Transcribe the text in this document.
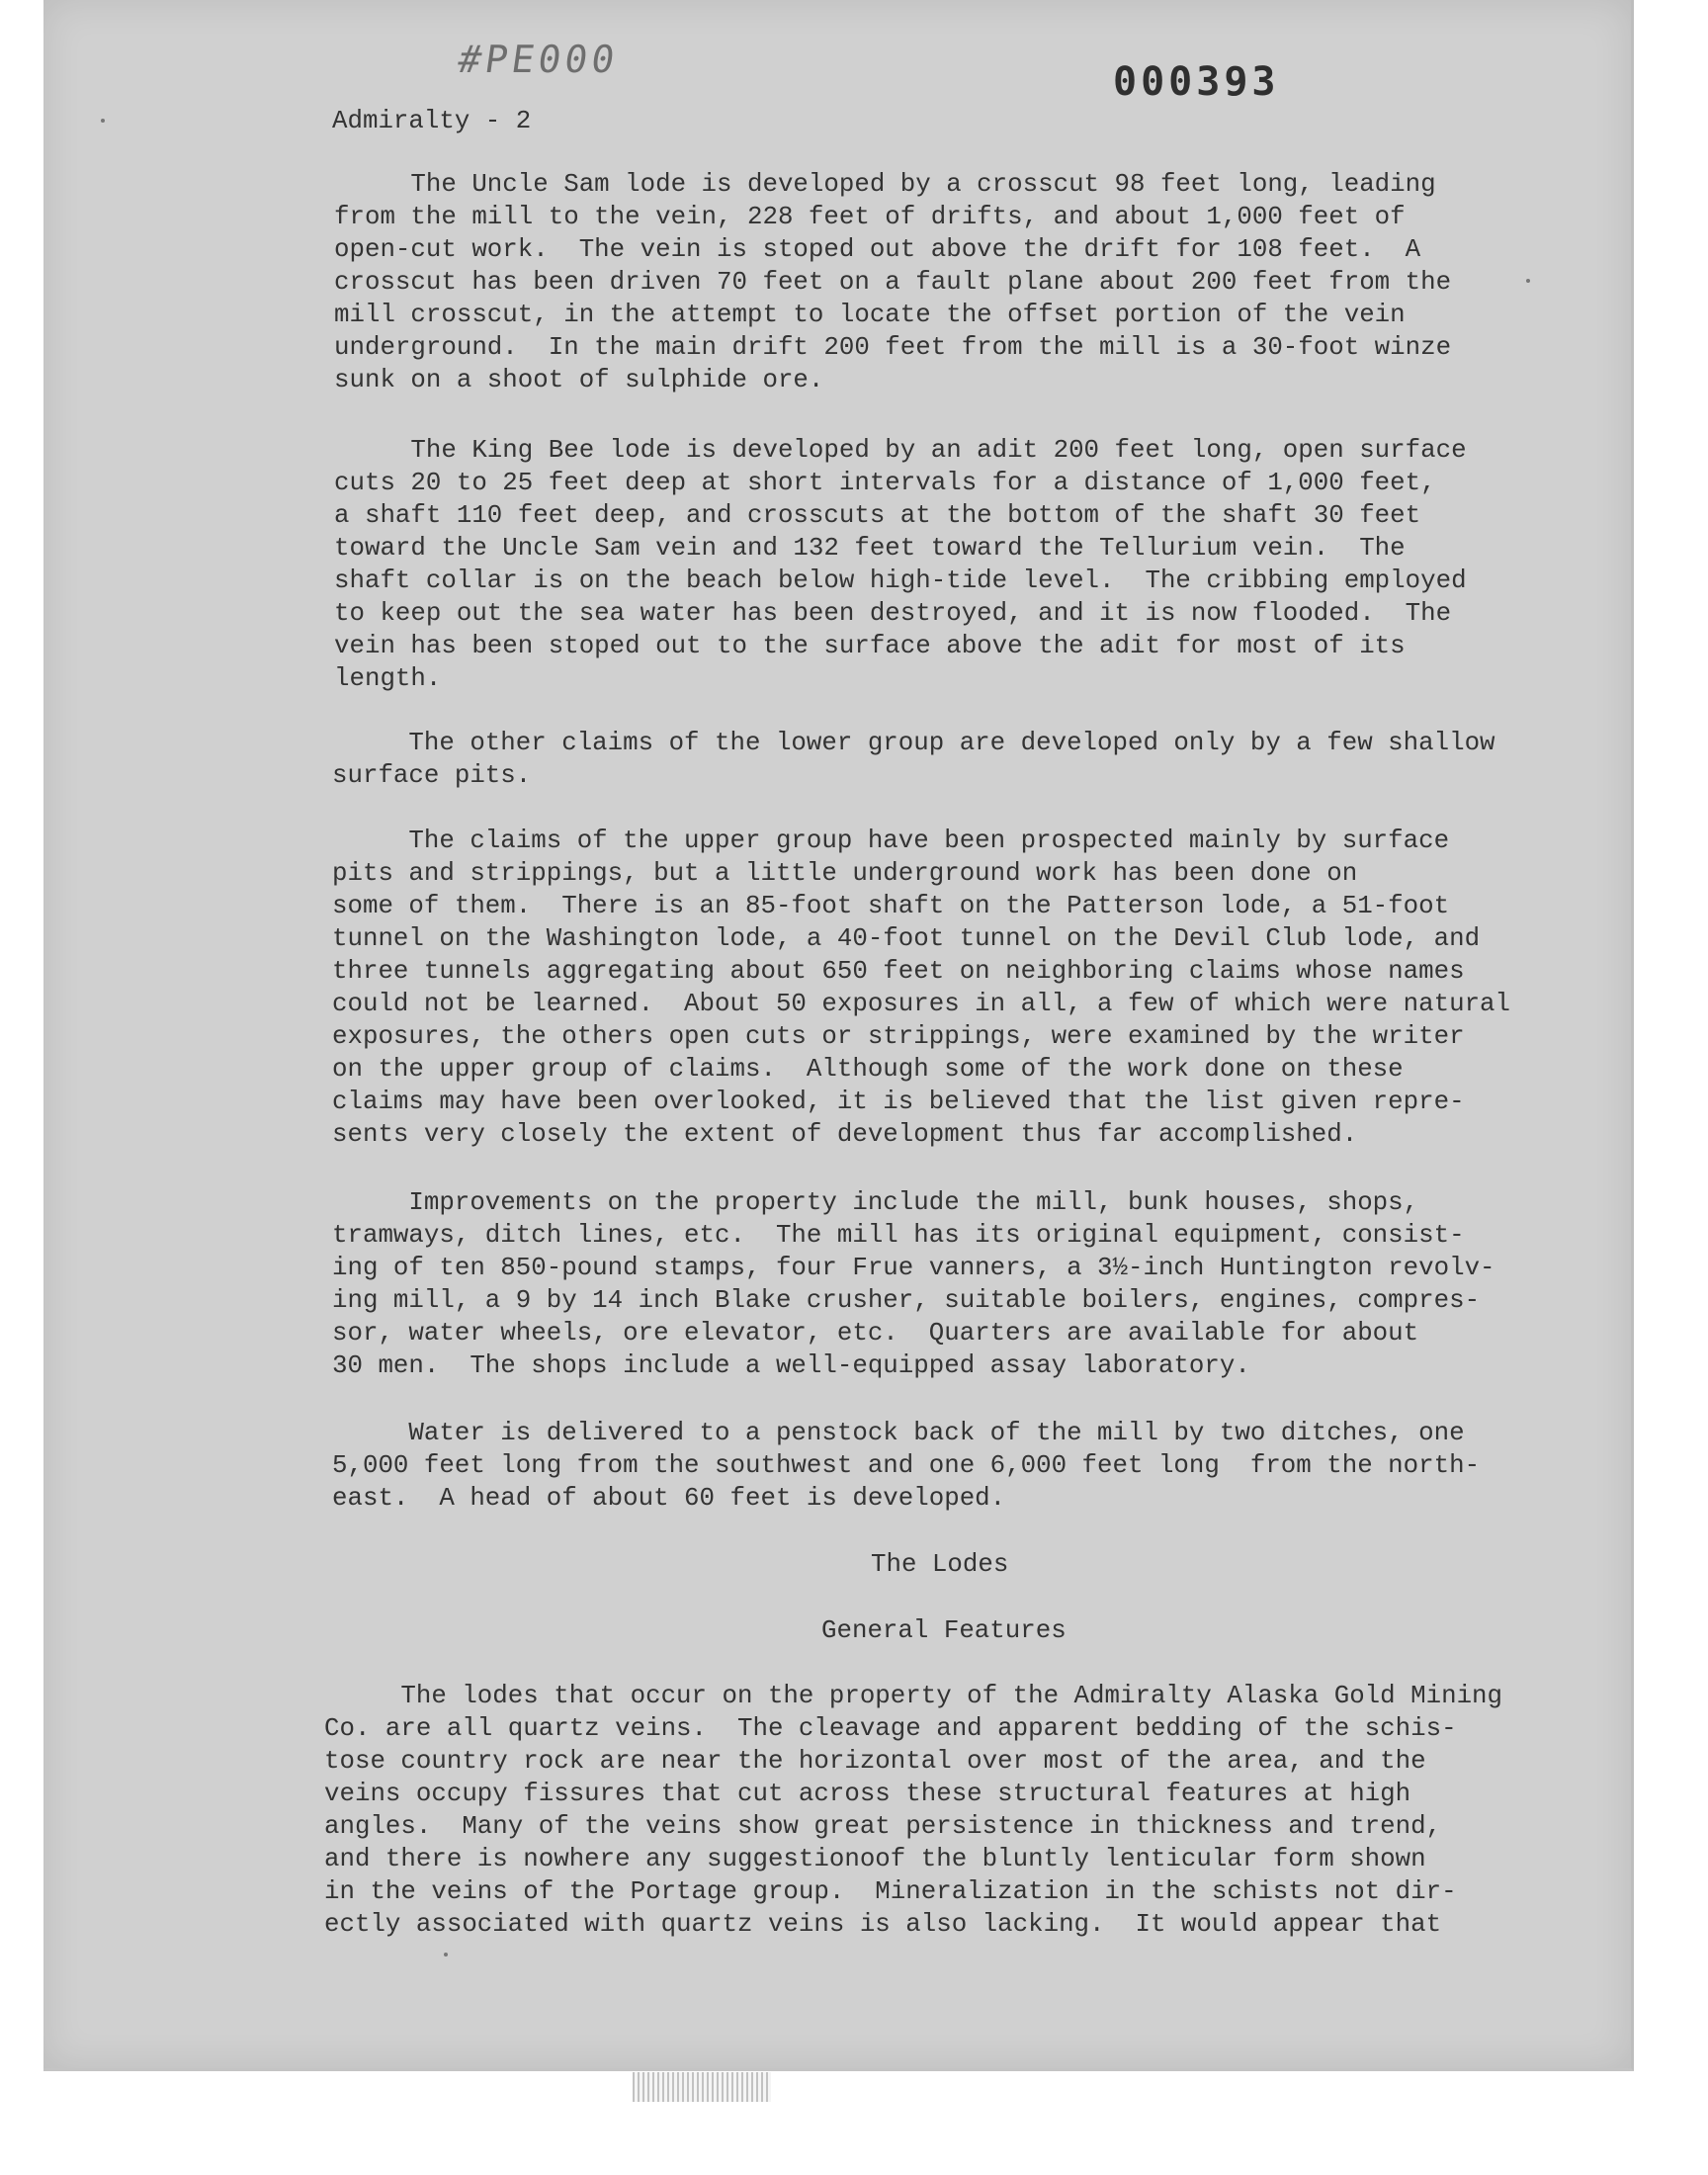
#PE000	000393

Admiralty - 2

The Uncle Sam lode is developed by a crosscut 98 feet long, leading
from the mill to the vein, 228 feet of drifts, and about 1,000 feet of
open-cut work.  The vein is stoped out above the drift for 108 feet.  A
crosscut has been driven 70 feet on a fault plane about 200 feet from the
mill crosscut, in the attempt to locate the offset portion of the vein
underground.  In the main drift 200 feet from the mill is a 30-foot winze
sunk on a shoot of sulphide ore.

The King Bee lode is developed by an adit 200 feet long, open surface
cuts 20 to 25 feet deep at short intervals for a distance of 1,000 feet,
a shaft 110 feet deep, and crosscuts at the bottom of the shaft 30 feet
toward the Uncle Sam vein and 132 feet toward the Tellurium vein.  The
shaft collar is on the beach below high-tide level.  The cribbing employed
to keep out the sea water has been destroyed, and it is now flooded.  The
vein has been stoped out to the surface above the adit for most of its
length.

The other claims of the lower group are developed only by a few shallow
surface pits.

The claims of the upper group have been prospected mainly by surface
pits and strippings, but a little underground work has been done on
some of them.  There is an 85-foot shaft on the Patterson lode, a 51-foot
tunnel on the Washington lode, a 40-foot tunnel on the Devil Club lode, and
three tunnels aggregating about 650 feet on neighboring claims whose names
could not be learned.  About 50 exposures in all, a few of which were natural
exposures, the others open cuts or strippings, were examined by the writer
on the upper group of claims.  Although some of the work done on these
claims may have been overlooked, it is believed that the list given repre-
sents very closely the extent of development thus far accomplished.

Improvements on the property include the mill, bunk houses, shops,
tramways, ditch lines, etc.  The mill has its original equipment, consist-
ing of ten 850-pound stamps, four Frue vanners, a 3½-inch Huntington revolv-
ing mill, a 9 by 14 inch Blake crusher, suitable boilers, engines, compres-
sor, water wheels, ore elevator, etc.  Quarters are available for about
30 men.  The shops include a well-equipped assay laboratory.

Water is delivered to a penstock back of the mill by two ditches, one
5,000 feet long from the southwest and one 6,000 feet long  from the north-
east.  A head of about 60 feet is developed.

The Lodes

General Features

The lodes that occur on the property of the Admiralty Alaska Gold Mining
Co. are all quartz veins.  The cleavage and apparent bedding of the schis-
tose country rock are near the horizontal over most of the area, and the
veins occupy fissures that cut across these structural features at high
angles.  Many of the veins show great persistence in thickness and trend,
and there is nowhere any suggestionoof the bluntly lenticular form shown
in the veins of the Portage group.  Mineralization in the schists not dir-
ectly associated with quartz veins is also lacking.  It would appear that
